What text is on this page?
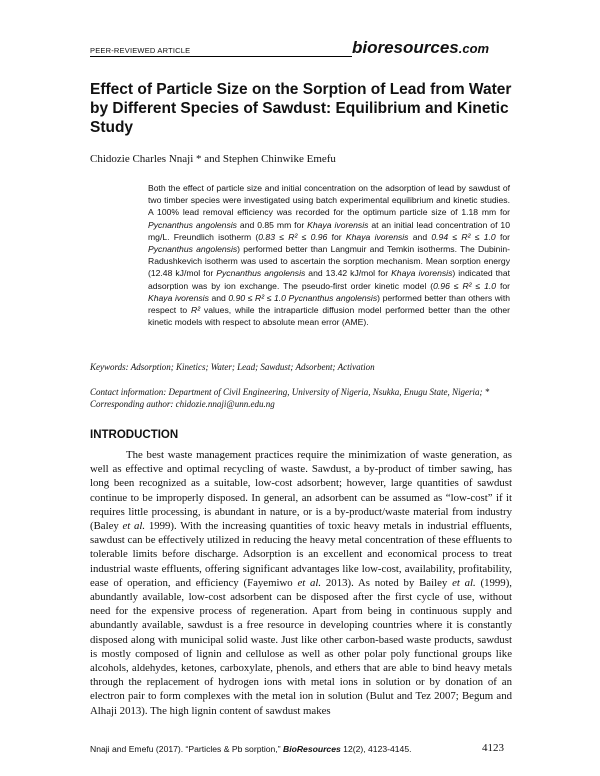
PEER-REVIEWED ARTICLE	bioresources.com
Effect of Particle Size on the Sorption of Lead from Water by Different Species of Sawdust: Equilibrium and Kinetic Study
Chidozie Charles Nnaji * and Stephen Chinwike Emefu

Both the effect of particle size and initial concentration on the adsorption of lead by sawdust of two timber species were investigated using batch experimental equilibrium and kinetic studies. A 100% lead removal efficiency was recorded for the optimum particle size of 1.18 mm for Pycnanthus angolensis and 0.85 mm for Khaya ivorensis at an initial lead concentration of 10 mg/L. Freundlich isotherm (0.83 ≤ R² ≤ 0.96 for Khaya ivorensis and 0.94 ≤ R² ≤ 1.0 for Pycnanthus angolensis) performed better than Langmuir and Temkin isotherms. The Dubinin-Radushkevich isotherm was used to ascertain the sorption mechanism. Mean sorption energy (12.48 kJ/mol for Pycnanthus angolensis and 13.42 kJ/mol for Khaya ivorensis) indicated that adsorption was by ion exchange. The pseudo-first order kinetic model (0.96 ≤ R² ≤ 1.0 for Khaya ivorensis and 0.90 ≤ R² ≤ 1.0 Pycnanthus angolensis) performed better than others with respect to R² values, while the intraparticle diffusion model performed better than the other kinetic models with respect to absolute mean error (AME).

Keywords: Adsorption; Kinetics; Water; Lead; Sawdust; Adsorbent; Activation
Contact information: Department of Civil Engineering, University of Nigeria, Nsukka, Enugu State, Nigeria; * Corresponding author: chidozie.nnaji@unn.edu.ng
INTRODUCTION

The best waste management practices require the minimization of waste generation, as well as effective and optimal recycling of waste. Sawdust, a by-product of timber sawing, has long been recognized as a suitable, low-cost adsorbent; however, large quantities of sawdust continue to be improperly disposed. In general, an adsorbent can be assumed as “low-cost” if it requires little processing, is abundant in nature, or is a by-product/waste material from industry (Baley et al. 1999). With the increasing quantities of toxic heavy metals in industrial effluents, sawdust can be effectively utilized in reducing the heavy metal concentration of these effluents to tolerable limits before discharge. Adsorption is an excellent and economical process to treat industrial waste effluents, offering significant advantages like low-cost, availability, profitability, ease of operation, and efficiency (Fayemiwo et al. 2013). As noted by Bailey et al. (1999), abundantly available, low-cost adsorbent can be disposed after the first cycle of use, without need for the expensive process of regeneration. Apart from being in continuous supply and abundantly available, sawdust is a free resource in developing countries where it is constantly disposed along with municipal solid waste. Just like other carbon-based waste products, sawdust is mostly composed of lignin and cellulose as well as other polar poly functional groups like alcohols, aldehydes, ketones, carboxylate, phenols, and ethers that are able to bind heavy metals through the replacement of hydrogen ions with metal ions in solution or by donation of an electron pair to form complexes with the metal ion in solution (Bulut and Tez 2007; Begum and Alhaji 2013). The high lignin content of sawdust makes

Nnaji and Emefu (2017). “Particles & Pb sorption,” BioResources 12(2), 4123-4145.	4123
